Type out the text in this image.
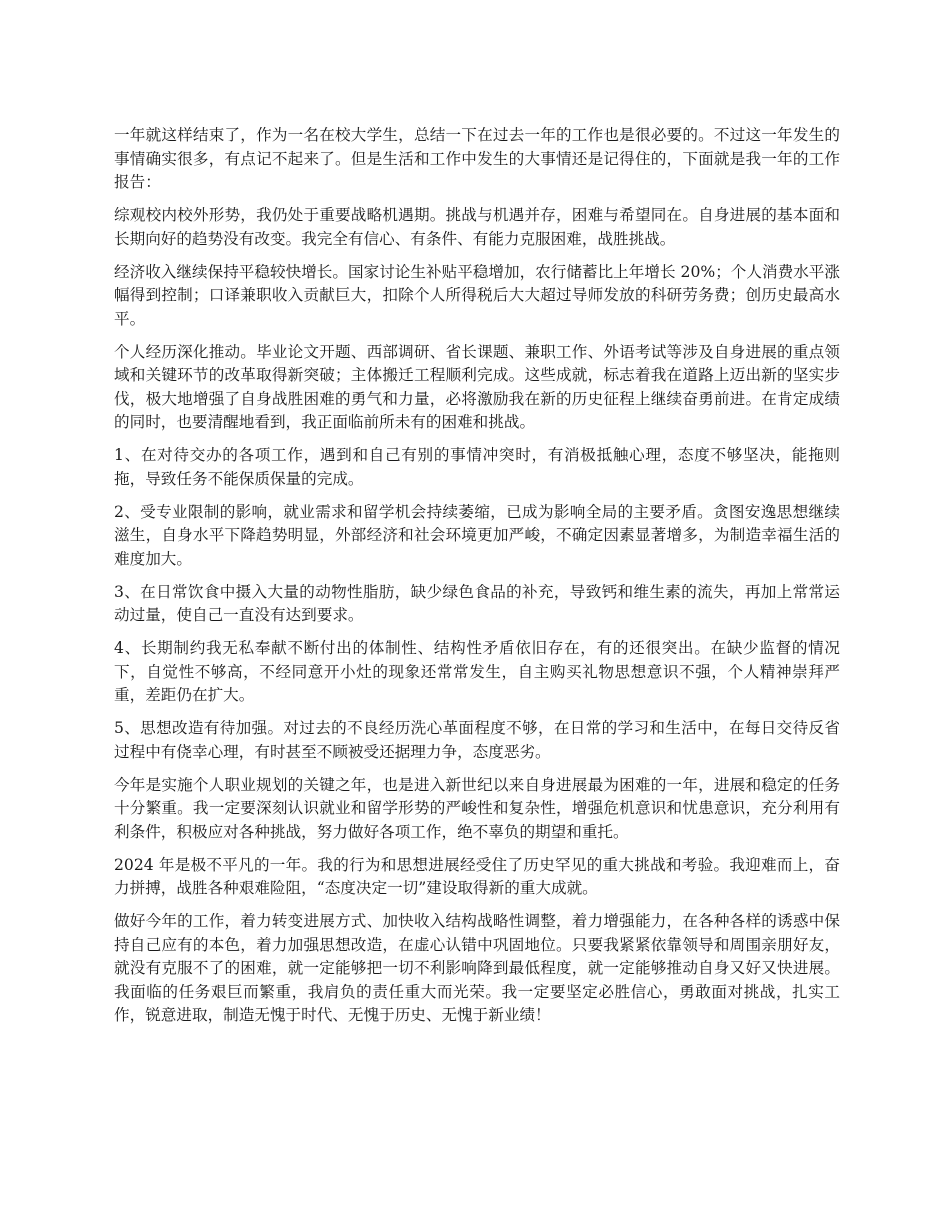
一年就这样结束了，作为一名在校大学生，总结一下在过去一年的工作也是很必要的。不过这一年发生的事情确实很多，有点记不起来了。但是生活和工作中发生的大事情还是记得住的，下面就是我一年的工作报告：

综观校内校外形势，我仍处于重要战略机遇期。挑战与机遇并存，困难与希望同在。自身进展的基本面和长期向好的趋势没有改变。我完全有信心、有条件、有能力克服困难，战胜挑战。

经济收入继续保持平稳较快增长。国家讨论生补贴平稳增加，农行储蓄比上年增长 20%；个人消费水平涨幅得到控制；口译兼职收入贡献巨大，扣除个人所得税后大大超过导师发放的科研劳务费；创历史最高水平。

个人经历深化推动。毕业论文开题、西部调研、省长课题、兼职工作、外语考试等涉及自身进展的重点领域和关键环节的改革取得新突破；主体搬迁工程顺利完成。这些成就，标志着我在道路上迈出新的坚实步伐，极大地增强了自身战胜困难的勇气和力量，必将激励我在新的历史征程上继续奋勇前进。在肯定成绩的同时，也要清醒地看到，我正面临前所未有的困难和挑战。

1、在对待交办的各项工作，遇到和自己有别的事情冲突时，有消极抵触心理，态度不够坚决，能拖则拖，导致任务不能保质保量的完成。

2、受专业限制的影响，就业需求和留学机会持续萎缩，已成为影响全局的主要矛盾。贪图安逸思想继续滋生，自身水平下降趋势明显，外部经济和社会环境更加严峻，不确定因素显著增多，为制造幸福生活的难度加大。

3、在日常饮食中摄入大量的动物性脂肪，缺少绿色食品的补充，导致钙和维生素的流失，再加上常常运动过量，使自己一直没有达到要求。

4、长期制约我无私奉献不断付出的体制性、结构性矛盾依旧存在，有的还很突出。在缺少监督的情况下，自觉性不够高，不经同意开小灶的现象还常常发生，自主购买礼物思想意识不强，个人精神崇拜严重，差距仍在扩大。

5、思想改造有待加强。对过去的不良经历洗心革面程度不够，在日常的学习和生活中，在每日交待反省过程中有侥幸心理，有时甚至不顾被受还据理力争，态度恶劣。

今年是实施个人职业规划的关键之年，也是进入新世纪以来自身进展最为困难的一年，进展和稳定的任务十分繁重。我一定要深刻认识就业和留学形势的严峻性和复杂性，增强危机意识和忧患意识，充分利用有利条件，积极应对各种挑战，努力做好各项工作，绝不辜负的期望和重托。

2024 年是极不平凡的一年。我的行为和思想进展经受住了历史罕见的重大挑战和考验。我迎难而上，奋力拼搏，战胜各种艰难险阻，“态度决定一切”建设取得新的重大成就。

做好今年的工作，着力转变进展方式、加快收入结构战略性调整，着力增强能力，在各种各样的诱惑中保持自己应有的本色，着力加强思想改造，在虚心认错中巩固地位。只要我紧紧依靠领导和周围亲朋好友，就没有克服不了的困难，就一定能够把一切不利影响降到最低程度，就一定能够推动自身又好又快进展。我面临的任务艰巨而繁重，我肩负的责任重大而光荣。我一定要坚定必胜信心，勇敢面对挑战，扎实工作，锐意进取，制造无愧于时代、无愧于历史、无愧于新业绩！
